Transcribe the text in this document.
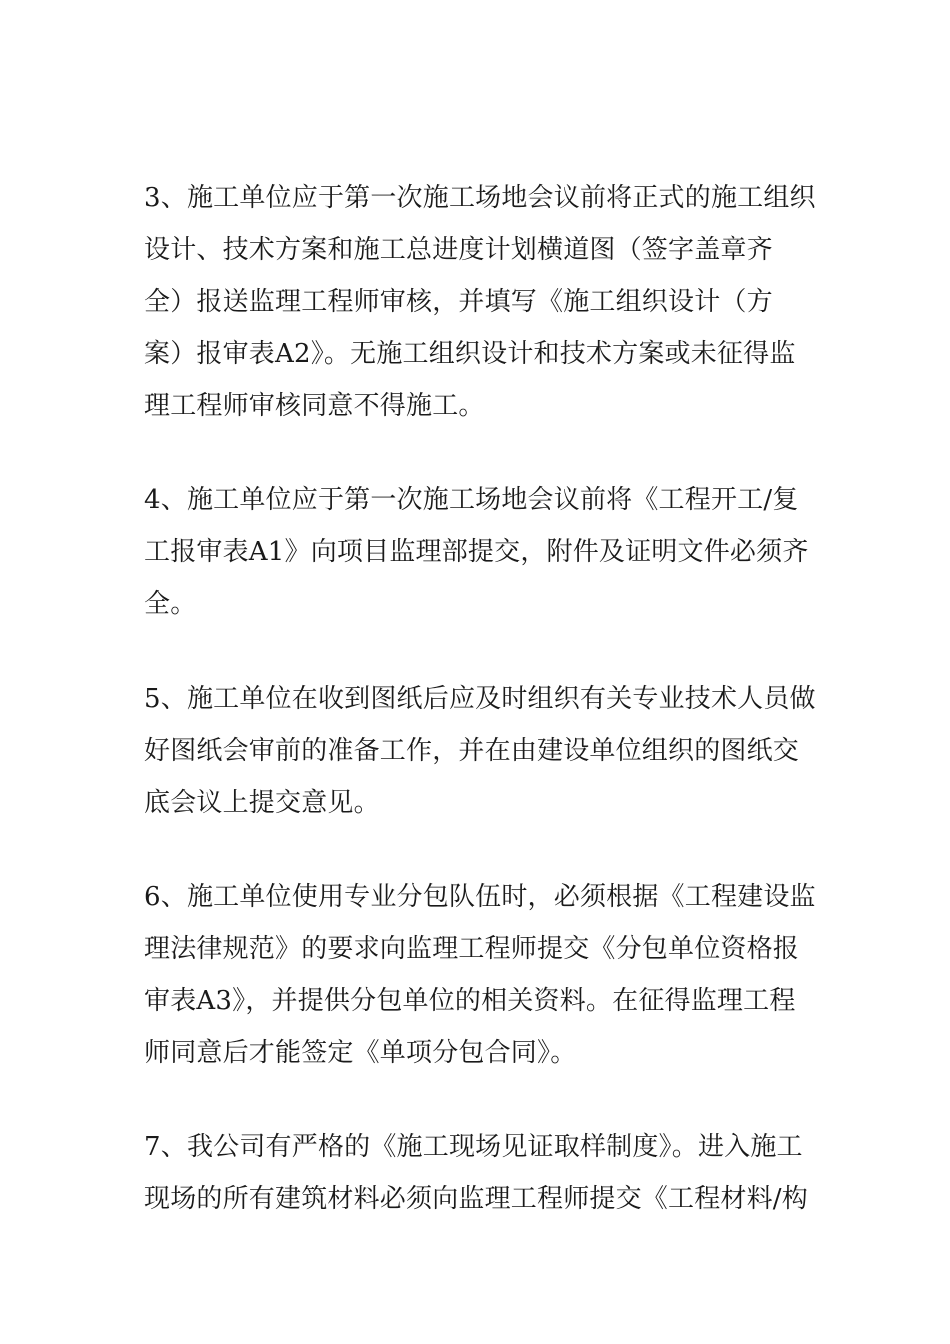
3、施工单位应于第一次施工场地会议前将正式的施工组织
设计、技术方案和施工总进度计划横道图（签字盖章齐
全）报送监理工程师审核，并填写《施工组织设计（方
案）报审表A2》。无施工组织设计和技术方案或未征得监
理工程师审核同意不得施工。
4、施工单位应于第一次施工场地会议前将《工程开工/复
工报审表A1》向项目监理部提交，附件及证明文件必须齐
全。
5、施工单位在收到图纸后应及时组织有关专业技术人员做
好图纸会审前的准备工作，并在由建设单位组织的图纸交
底会议上提交意见。
6、施工单位使用专业分包队伍时，必须根据《工程建设监
理法律规范》的要求向监理工程师提交《分包单位资格报
审表A3》，并提供分包单位的相关资料。在征得监理工程
师同意后才能签定《单项分包合同》。
7、我公司有严格的《施工现场见证取样制度》。进入施工
现场的所有建筑材料必须向监理工程师提交《工程材料/构
